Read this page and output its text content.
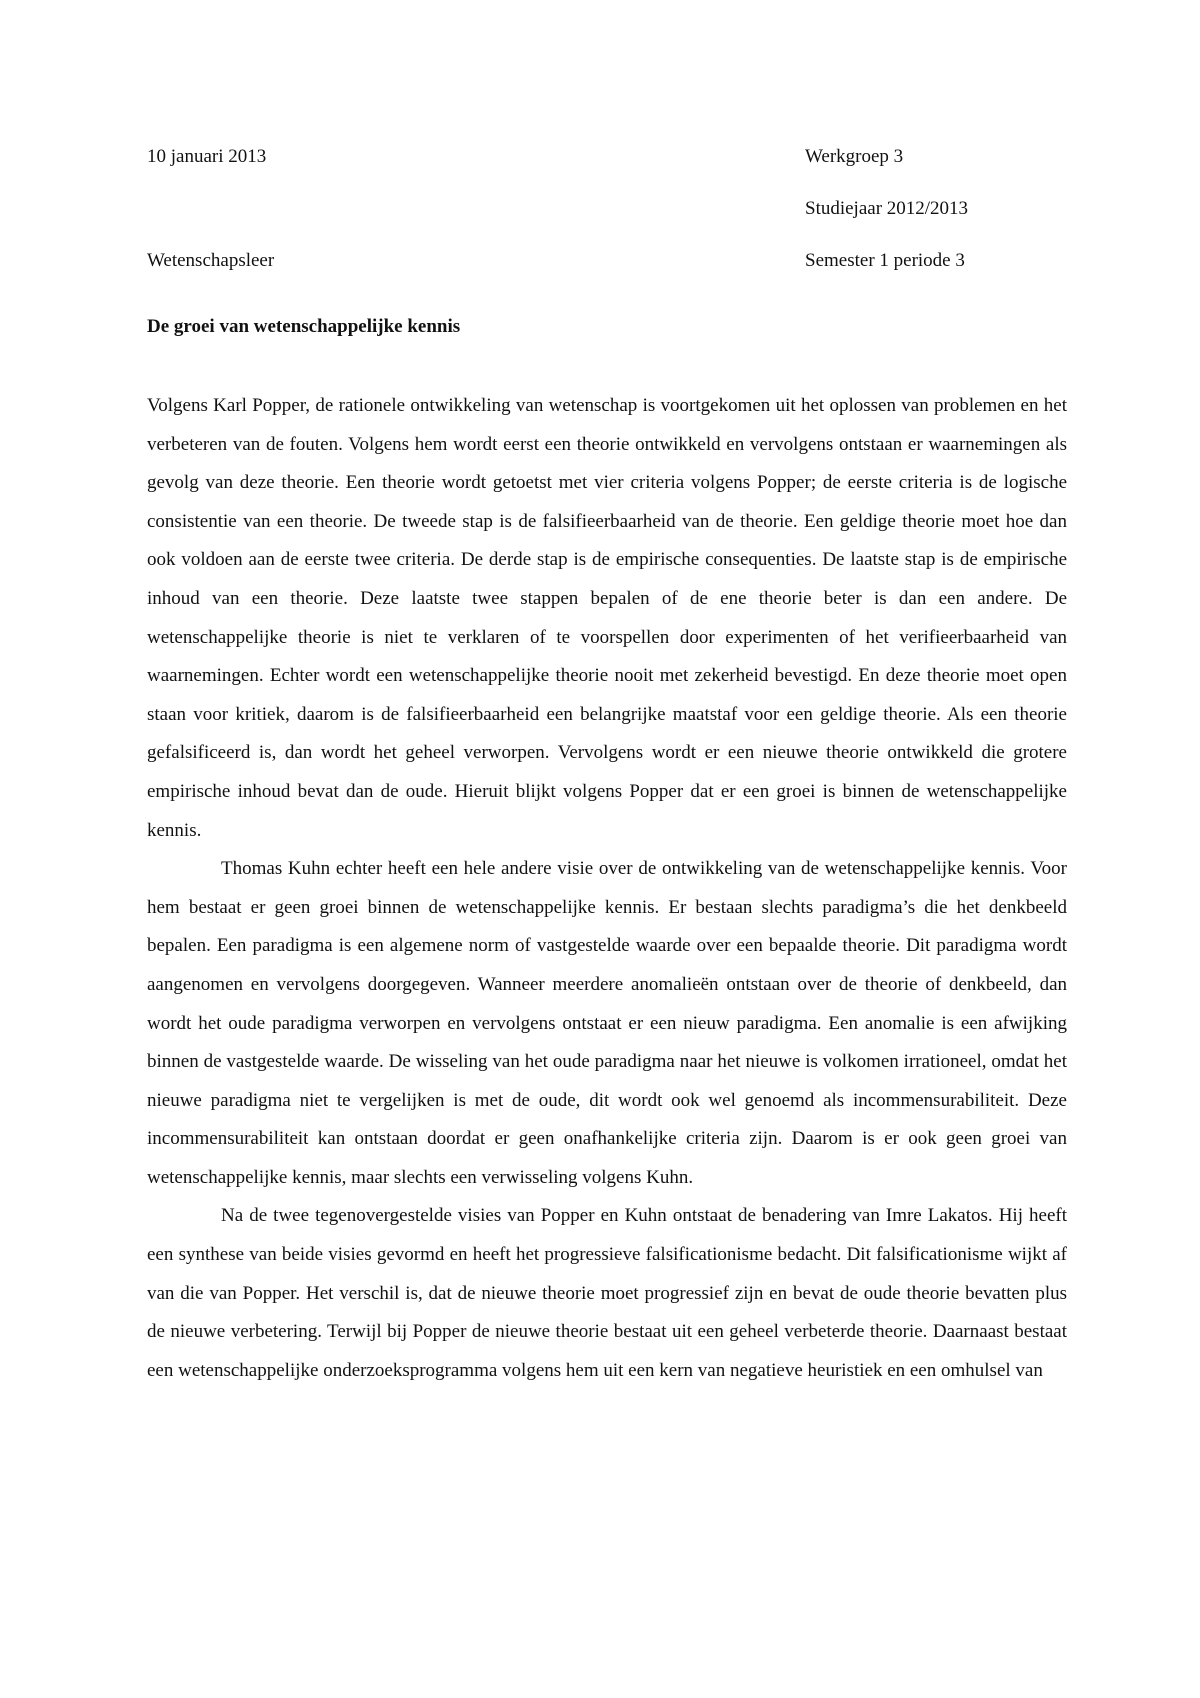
10 januari 2013	Werkgroep 3
Studiejaar 2012/2013
Wetenschapsleer	Semester 1 periode 3
De groei van wetenschappelijke kennis

Volgens Karl Popper, de rationele ontwikkeling van wetenschap is voortgekomen uit het oplossen van problemen en het verbeteren van de fouten. Volgens hem wordt eerst een theorie ontwikkeld en vervolgens ontstaan er waarnemingen als gevolg van deze theorie. Een theorie wordt getoetst met vier criteria volgens Popper; de eerste criteria is de logische consistentie van een theorie. De tweede stap is de falsifieerbaarheid van de theorie. Een geldige theorie moet hoe dan ook voldoen aan de eerste twee criteria. De derde stap is de empirische consequenties. De laatste stap is de empirische inhoud van een theorie. Deze laatste twee stappen bepalen of de ene theorie beter is dan een andere. De wetenschappelijke theorie is niet te verklaren of te voorspellen door experimenten of het verifieerbaarheid van waarnemingen. Echter wordt een wetenschappelijke theorie nooit met zekerheid bevestigd. En deze theorie moet open staan voor kritiek, daarom is de falsifieerbaarheid een belangrijke maatstaf voor een geldige theorie. Als een theorie gefalsificeerd is, dan wordt het geheel verworpen. Vervolgens wordt er een nieuwe theorie ontwikkeld die grotere empirische inhoud bevat dan de oude. Hieruit blijkt volgens Popper dat er een groei is binnen de wetenschappelijke kennis.

Thomas Kuhn echter heeft een hele andere visie over de ontwikkeling van de wetenschappelijke kennis. Voor hem bestaat er geen groei binnen de wetenschappelijke kennis. Er bestaan slechts paradigma’s die het denkbeeld bepalen. Een paradigma is een algemene norm of vastgestelde waarde over een bepaalde theorie. Dit paradigma wordt aangenomen en vervolgens doorgegeven. Wanneer meerdere anomalieën ontstaan over de theorie of denkbeeld, dan wordt het oude paradigma verworpen en vervolgens ontstaat er een nieuw paradigma. Een anomalie is een afwijking binnen de vastgestelde waarde. De wisseling van het oude paradigma naar het nieuwe is volkomen irrationeel, omdat het nieuwe paradigma niet te vergelijken is met de oude, dit wordt ook wel genoemd als incommensurabiliteit. Deze incommensurabiliteit kan ontstaan doordat er geen onafhankelijke criteria zijn. Daarom is er ook geen groei van wetenschappelijke kennis, maar slechts een verwisseling volgens Kuhn.

Na de twee tegenovergestelde visies van Popper en Kuhn ontstaat de benadering van Imre Lakatos. Hij heeft een synthese van beide visies gevormd en heeft het progressieve falsificationisme bedacht. Dit falsificationisme wijkt af van die van Popper. Het verschil is, dat de nieuwe theorie moet progressief zijn en bevat de oude theorie bevatten plus de nieuwe verbetering. Terwijl bij Popper de nieuwe theorie bestaat uit een geheel verbeterde theorie. Daarnaast bestaat een wetenschappelijke onderzoeksprogramma volgens hem uit een kern van negatieve heuristiek en een omhulsel van
